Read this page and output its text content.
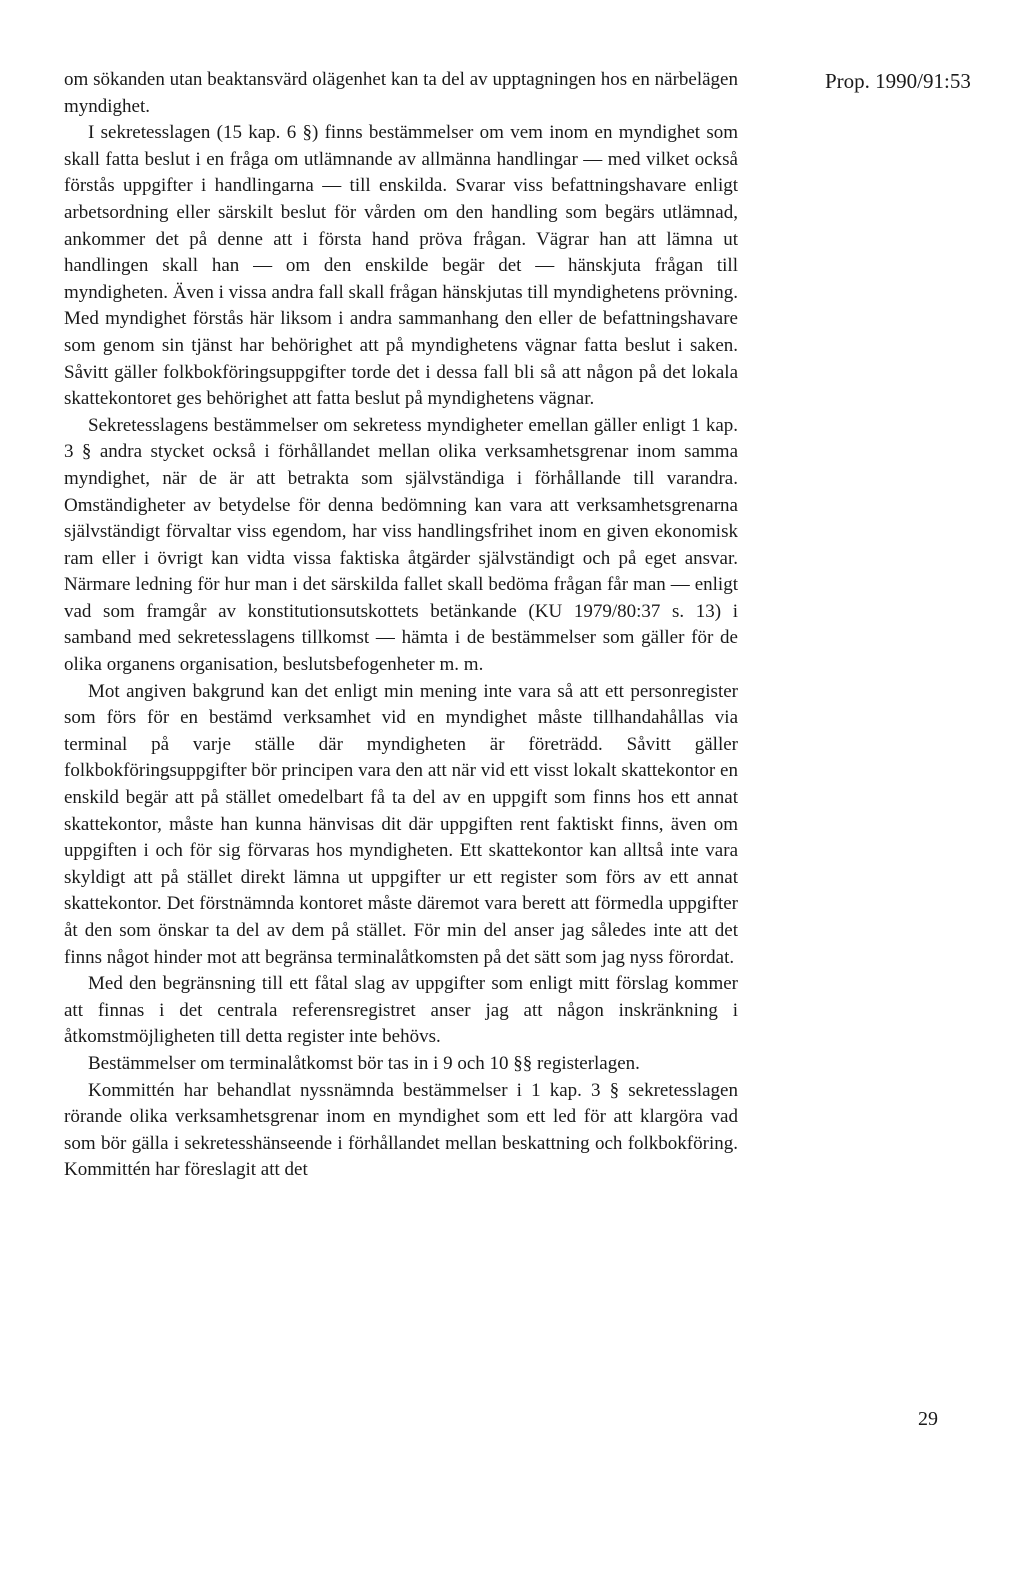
Prop. 1990/91:53

om sökanden utan beaktansvärd olägenhet kan ta del av upptagningen hos en närbelägen myndighet.

I sekretesslagen (15 kap. 6 §) finns bestämmelser om vem inom en myndighet som skall fatta beslut i en fråga om utlämnande av allmänna handlingar — med vilket också förstås uppgifter i handlingarna — till enskilda. Svarar viss befattningshavare enligt arbetsordning eller särskilt beslut för vården om den handling som begärs utlämnad, ankommer det på denne att i första hand pröva frågan. Vägrar han att lämna ut handlingen skall han — om den enskilde begär det — hänskjuta frågan till myndigheten. Även i vissa andra fall skall frågan hänskjutas till myndighetens prövning. Med myndighet förstås här liksom i andra sammanhang den eller de befattningshavare som genom sin tjänst har behörighet att på myndighetens vägnar fatta beslut i saken. Såvitt gäller folkbokföringsuppgifter torde det i dessa fall bli så att någon på det lokala skattekontoret ges behörighet att fatta beslut på myndighetens vägnar.

Sekretesslagens bestämmelser om sekretess myndigheter emellan gäller enligt 1 kap. 3 § andra stycket också i förhållandet mellan olika verksamhetsgrenar inom samma myndighet, när de är att betrakta som självständiga i förhållande till varandra. Omständigheter av betydelse för denna bedömning kan vara att verksamhetsgrenarna självständigt förvaltar viss egendom, har viss handlingsfrihet inom en given ekonomisk ram eller i övrigt kan vidta vissa faktiska åtgärder självständigt och på eget ansvar. Närmare ledning för hur man i det särskilda fallet skall bedöma frågan får man — enligt vad som framgår av konstitutionsutskottets betänkande (KU 1979/80:37 s. 13) i samband med sekretesslagens tillkomst — hämta i de bestämmelser som gäller för de olika organens organisation, beslutsbefogenheter m. m.

Mot angiven bakgrund kan det enligt min mening inte vara så att ett personregister som förs för en bestämd verksamhet vid en myndighet måste tillhandahållas via terminal på varje ställe där myndigheten är företrädd. Såvitt gäller folkbokföringsuppgifter bör principen vara den att när vid ett visst lokalt skattekontor en enskild begär att på stället omedelbart få ta del av en uppgift som finns hos ett annat skattekontor, måste han kunna hänvisas dit där uppgiften rent faktiskt finns, även om uppgiften i och för sig förvaras hos myndigheten. Ett skattekontor kan alltså inte vara skyldigt att på stället direkt lämna ut uppgifter ur ett register som förs av ett annat skattekontor. Det förstnämnda kontoret måste däremot vara berett att förmedla uppgifter åt den som önskar ta del av dem på stället. För min del anser jag således inte att det finns något hinder mot att begränsa terminalåtkomsten på det sätt som jag nyss förordat.

Med den begränsning till ett fåtal slag av uppgifter som enligt mitt förslag kommer att finnas i det centrala referensregistret anser jag att någon inskränkning i åtkomstmöjligheten till detta register inte behövs.

Bestämmelser om terminalåtkomst bör tas in i 9 och 10 §§ registerlagen.

Kommittén har behandlat nyssnämnda bestämmelser i 1 kap. 3 § sekretesslagen rörande olika verksamhetsgrenar inom en myndighet som ett led för att klargöra vad som bör gälla i sekretesshänseende i förhållandet mellan beskattning och folkbokföring. Kommittén har föreslagit att det

29
